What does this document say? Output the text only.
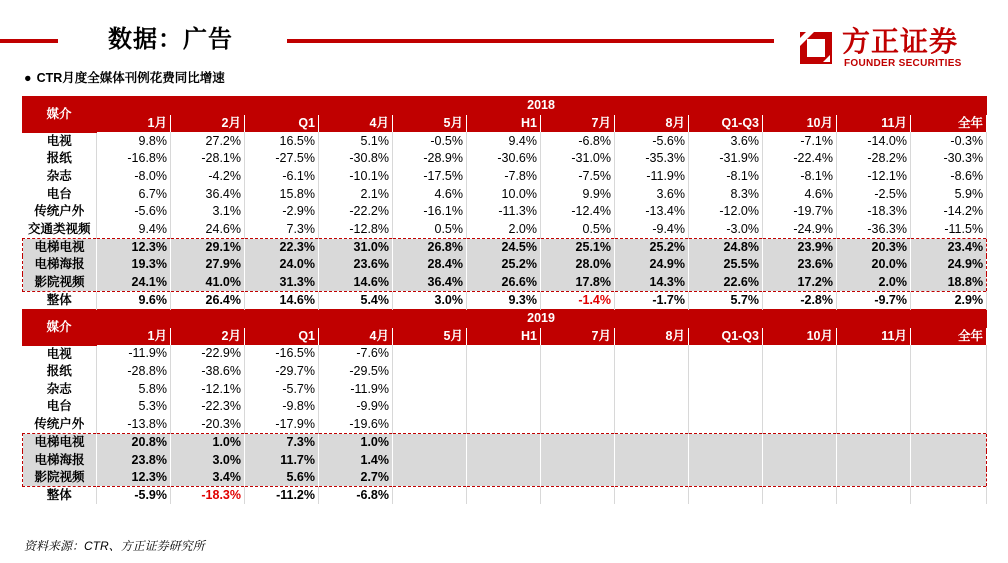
数据：广告	方正证券
FOUNDER SECURITIES
● CTR月度全媒体刊例花费同比增速
媒介	2018											
	1月	2月	Q1	4月	5月	H1	7月	8月	Q1-Q3	10月	11月	全年
电视	9.8%	27.2%	16.5%	5.1%	-0.5%	9.4%	-6.8%	-5.6%	3.6%	-7.1%	-14.0%	-0.3%
报纸	-16.8%	-28.1%	-27.5%	-30.8%	-28.9%	-30.6%	-31.0%	-35.3%	-31.9%	-22.4%	-28.2%	-30.3%
杂志	-8.0%	-4.2%	-6.1%	-10.1%	-17.5%	-7.8%	-7.5%	-11.9%	-8.1%	-8.1%	-12.1%	-8.6%
电台	6.7%	36.4%	15.8%	2.1%	4.6%	10.0%	9.9%	3.6%	8.3%	4.6%	-2.5%	5.9%
传统户外	-5.6%	3.1%	-2.9%	-22.2%	-16.1%	-11.3%	-12.4%	-13.4%	-12.0%	-19.7%	-18.3%	-14.2%
交通类视频	9.4%	24.6%	7.3%	-12.8%	0.5%	2.0%	0.5%	-9.4%	-3.0%	-24.9%	-36.3%	-11.5%
电梯电视	12.3%	29.1%	22.3%	31.0%	26.8%	24.5%	25.1%	25.2%	24.8%	23.9%	20.3%	23.4%
电梯海报	19.3%	27.9%	24.0%	23.6%	28.4%	25.2%	28.0%	24.9%	25.5%	23.6%	20.0%	24.9%
影院视频	24.1%	41.0%	31.3%	14.6%	36.4%	26.6%	17.8%	14.3%	22.6%	17.2%	2.0%	18.8%
整体	9.6%	26.4%	14.6%	5.4%	3.0%	9.3%	-1.4%	-1.7%	5.7%	-2.8%	-9.7%	2.9%
媒介	2019											
	1月	2月	Q1	4月	5月	H1	7月	8月	Q1-Q3	10月	11月	全年
电视	-11.9%	-22.9%	-16.5%	-7.6%								
报纸	-28.8%	-38.6%	-29.7%	-29.5%								
杂志	5.8%	-12.1%	-5.7%	-11.9%								
电台	5.3%	-22.3%	-9.8%	-9.9%								
传统户外	-13.8%	-20.3%	-17.9%	-19.6%								
电梯电视	20.8%	1.0%	7.3%	1.0%								
电梯海报	23.8%	3.0%	11.7%	1.4%								
影院视频	12.3%	3.4%	5.6%	2.7%								
整体	-5.9%	-18.3%	-11.2%	-6.8%								
资料来源：CTR、方正证券研究所
